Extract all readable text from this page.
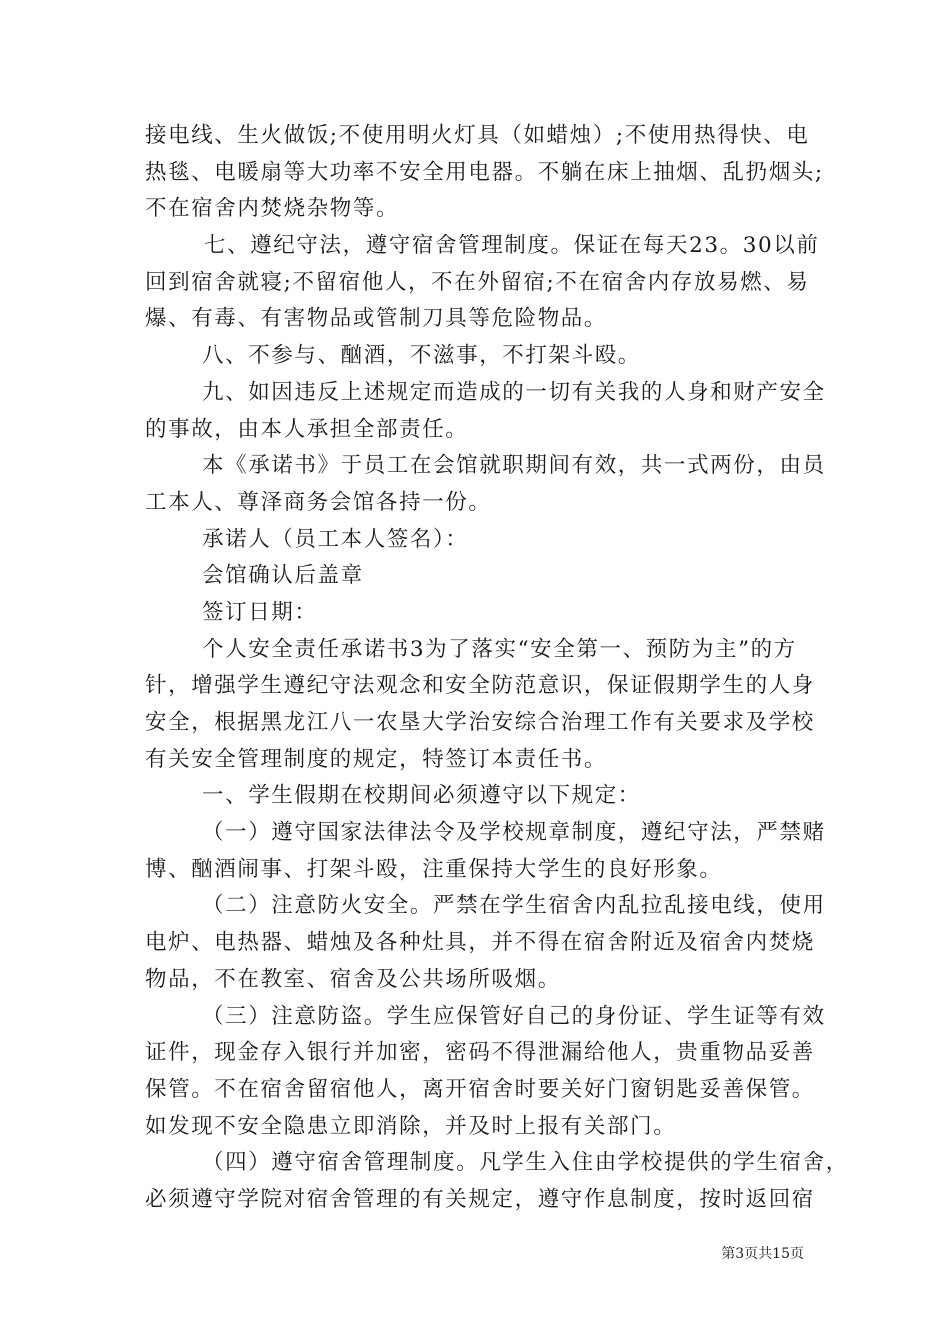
接电线、生火做饭;不使用明火灯具（如蜡烛）;不使用热得快、电
热毯、电暖扇等大功率不安全用电器。不躺在床上抽烟、乱扔烟头;
不在宿舍内焚烧杂物等。
七、遵纪守法，遵守宿舍管理制度。保证在每天23。30以前
回到宿舍就寝;不留宿他人，不在外留宿;不在宿舍内存放易燃、易
爆、有毒、有害物品或管制刀具等危险物品。
八、不参与、酗酒，不滋事，不打架斗殴。
九、如因违反上述规定而造成的一切有关我的人身和财产安全
的事故，由本人承担全部责任。
本《承诺书》于员工在会馆就职期间有效，共一式两份，由员
工本人、尊泽商务会馆各持一份。
承诺人（员工本人签名）：
会馆确认后盖章
签订日期：
个人安全责任承诺书3为了落实“安全第一、预防为主”的方
针，增强学生遵纪守法观念和安全防范意识，保证假期学生的人身
安全，根据黑龙江八一农垦大学治安综合治理工作有关要求及学校
有关安全管理制度的规定，特签订本责任书。
一、学生假期在校期间必须遵守以下规定：
（一）遵守国家法律法令及学校规章制度，遵纪守法，严禁赌
博、酗酒闹事、打架斗殴，注重保持大学生的良好形象。
（二）注意防火安全。严禁在学生宿舍内乱拉乱接电线，使用
电炉、电热器、蜡烛及各种灶具，并不得在宿舍附近及宿舍内焚烧
物品，不在教室、宿舍及公共场所吸烟。
（三）注意防盗。学生应保管好自己的身份证、学生证等有效
证件，现金存入银行并加密，密码不得泄漏给他人，贵重物品妥善
保管。不在宿舍留宿他人，离开宿舍时要关好门窗钥匙妥善保管。
如发现不安全隐患立即消除，并及时上报有关部门。
（四）遵守宿舍管理制度。凡学生入住由学校提供的学生宿舍，
必须遵守学院对宿舍管理的有关规定，遵守作息制度，按时返回宿
第3页共15页
